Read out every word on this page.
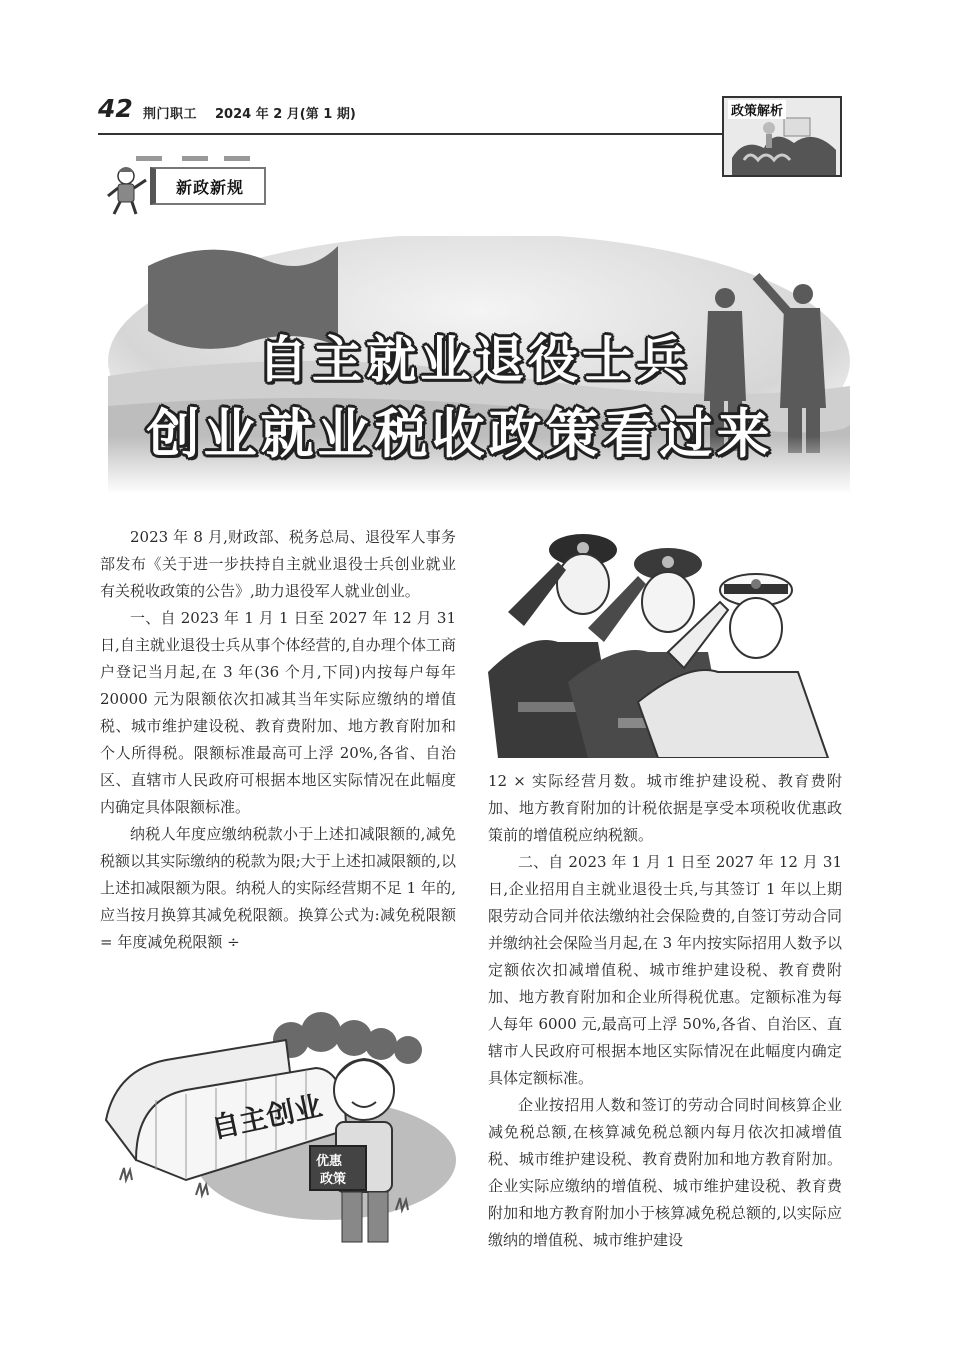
42 荆门职工 2024 年 2 月(第 1 期)	政策解析
新政新规
自主就业退役士兵
创业就业税收政策看过来

2023 年 8 月,财政部、税务总局、退役军人事务部发布《关于进一步扶持自主就业退役士兵创业就业有关税收政策的公告》,助力退役军人就业创业。

一、自 2023 年 1 月 1 日至 2027 年 12 月 31 日,自主就业退役士兵从事个体经营的,自办理个体工商户登记当月起,在 3 年(36 个月,下同)内按每户每年 20000 元为限额依次扣减其当年实际应缴纳的增值税、城市维护建设税、教育费附加、地方教育附加和个人所得税。限额标准最高可上浮 20%,各省、自治区、直辖市人民政府可根据本地区实际情况在此幅度内确定具体限额标准。

纳税人年度应缴纳税款小于上述扣减限额的,减免税额以其实际缴纳的税款为限;大于上述扣减限额的,以上述扣减限额为限。纳税人的实际经营期不足 1 年的,应当按月换算其减免税限额。换算公式为:减免税限额 = 年度减免税限额 ÷

12 × 实际经营月数。城市维护建设税、教育费附加、地方教育附加的计税依据是享受本项税收优惠政策前的增值税应纳税额。

二、自 2023 年 1 月 1 日至 2027 年 12 月 31 日,企业招用自主就业退役士兵,与其签订 1 年以上期限劳动合同并依法缴纳社会保险费的,自签订劳动合同并缴纳社会保险当月起,在 3 年内按实际招用人数予以定额依次扣减增值税、城市维护建设税、教育费附加、地方教育附加和企业所得税优惠。定额标准为每人每年 6000 元,最高可上浮 50%,各省、自治区、直辖市人民政府可根据本地区实际情况在此幅度内确定具体定额标准。

企业按招用人数和签订的劳动合同时间核算企业减免税总额,在核算减免税总额内每月依次扣减增值税、城市维护建设税、教育费附加和地方教育附加。企业实际应缴纳的增值税、城市维护建设税、教育费附加和地方教育附加小于核算减免税总额的,以实际应缴纳的增值税、城市维护建设

自主创业
优惠
政策
